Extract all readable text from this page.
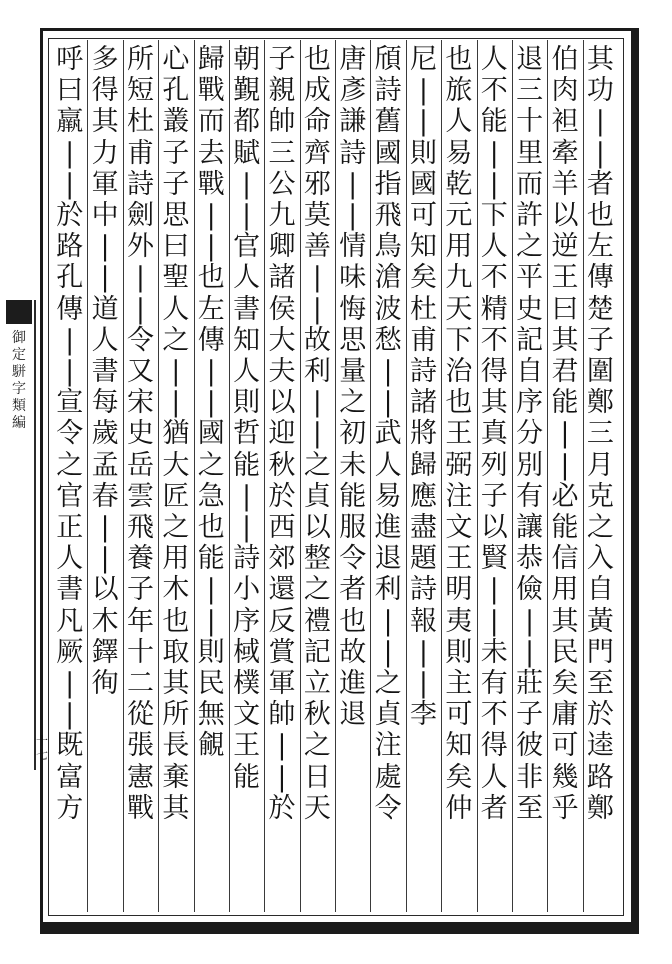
御
定
駢
字
類
編
十
七
其
功
|
|
者
也
左
傳
楚
子
圍
鄭
三
月
克
之
入
自
黃
門
至
於
逵
路
鄭
伯
肉
袒
牽
羊
以
逆
王
曰
其
君
能
|
|
必
能
信
用
其
民
矣
庸
可
幾
乎
退
三
十
里
而
許
之
平
史
記
自
序
分
別
有
讓
恭
儉
|
|
莊
子
彼
非
至
人
不
能
|
|
下
人
不
精
不
得
其
真
列
子
以
賢
|
|
未
有
不
得
人
者
也
旅
人
易
乾
元
用
九
天
下
治
也
王
弼
注
文
王
明
夷
則
主
可
知
矣
仲
尼
|
|
則
國
可
知
矣
杜
甫
詩
諸
將
歸
應
盡
題
詩
報
|
|
李
頎
詩
舊
國
指
飛
鳥
滄
波
愁
|
|
武
人
易
進
退
利
|
|
之
貞
注
處
令
唐
彥
謙
詩
|
|
情
味
悔
思
量
之
初
未
能
服
令
者
也
故
進
退
也
成
命
齊
邪
莫
善
|
|
故
利
|
|
之
貞
以
整
之
禮
記
立
秋
之
日
天
子
親
帥
三
公
九
卿
諸
侯
大
夫
以
迎
秋
於
西
郊
還
反
賞
軍
帥
|
|
於
朝
覲
都
賦
|
|
官
人
書
知
人
則
哲
能
|
|
詩
小
序
棫
樸
文
王
能
歸
戰
而
去
戰
|
|
也
左
傳
|
|
國
之
急
也
能
|
|
則
民
無
覦
心
孔
叢
子
子
思
曰
聖
人
之
|
|
猶
大
匠
之
用
木
也
取
其
所
長
棄
其
所
短
杜
甫
詩
劍
外
|
|
令
又
宋
史
岳
雲
飛
養
子
年
十
二
從
張
憲
戰
多
得
其
力
軍
中
|
|
道
人
書
每
歲
孟
春
|
|
以
木
鐸
徇
呼
曰
羸
|
|
於
路
孔
傳
|
|
宣
令
之
官
正
人
書
凡
厥
|
|
既
富
方
